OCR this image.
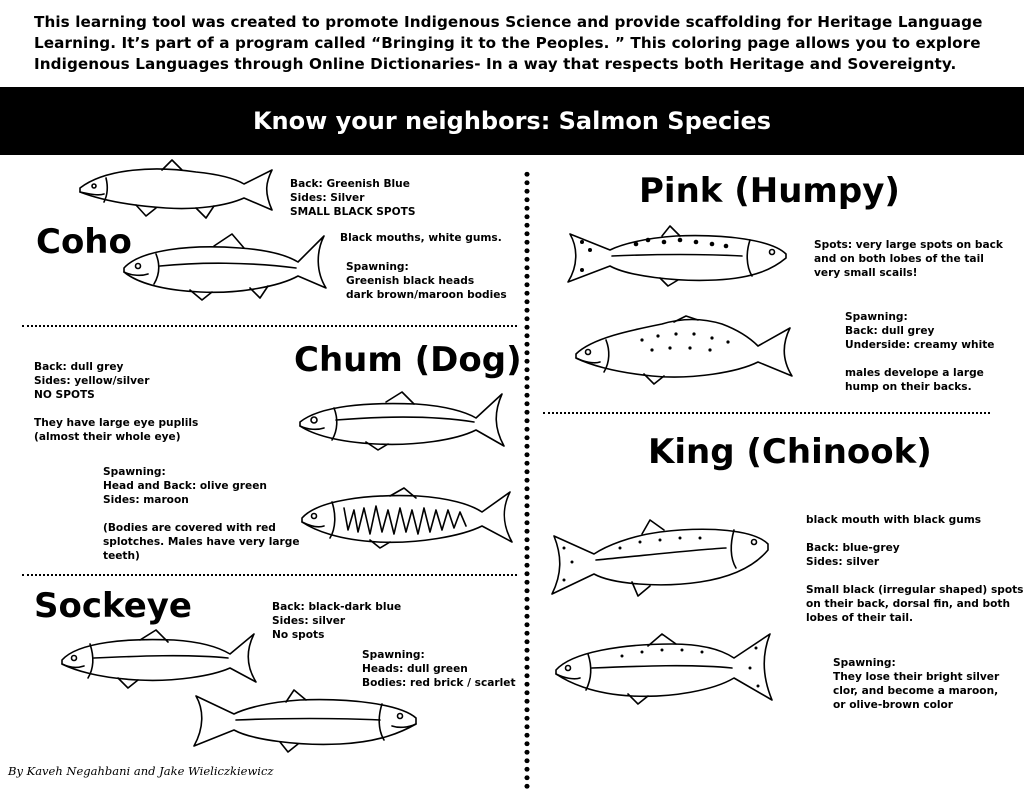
This learning tool was created to promote Indigenous Science and provide scaffolding for Heritage Language
Learning. It’s part of a program called “Bringing it to the Peoples. ” This coloring page allows you to explore
Indigenous Languages through Online Dictionaries- In a way that respects both Heritage and Sovereignty.
Know your neighbors: Salmon Species
Coho
Back: Greenish Blue
Sides: Silver
SMALL BLACK SPOTS
Black mouths, white gums.
Spawning:
Greenish black heads
dark brown/maroon bodies
Chum (Dog)
Back: dull grey
Sides: yellow/silver
NO SPOTS
They have large eye puplils
(almost their whole eye)
Spawning:
Head and Back: olive green
Sides: maroon
(Bodies are covered with red
splotches. Males have very large
teeth)
Sockeye	Back: black-dark blue
Sides: silver
No spots
Spawning:
Heads: dull green
Bodies: red brick / scarlet
Pink (Humpy)
Spots: very large spots on back
and on both lobes of the tail
very small scails!
Spawning:
Back: dull grey
Underside: creamy white
males develope a large
hump on their backs.
King (Chinook)
black mouth with black gums
Back: blue-grey
Sides: silver
Small black (irregular shaped) spots
on their back, dorsal fin, and both
lobes of their tail.
Spawning:
They lose their bright silver
clor, and become a maroon,
or olive-brown color
By Kaveh Negahbani and Jake Wieliczkiewicz
